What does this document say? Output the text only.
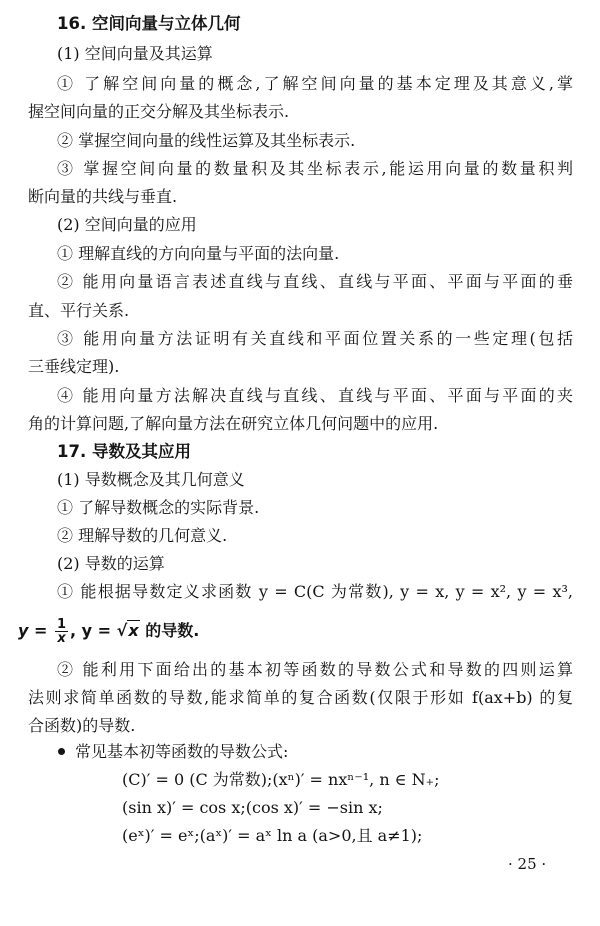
16. 空间向量与立体几何
(1) 空间向量及其运算
① 了解空间向量的概念,了解空间向量的基本定理及其意义,掌
握空间向量的正交分解及其坐标表示.
② 掌握空间向量的线性运算及其坐标表示.
③ 掌握空间向量的数量积及其坐标表示,能运用向量的数量积判
断向量的共线与垂直.
(2) 空间向量的应用
① 理解直线的方向向量与平面的法向量.
② 能用向量语言表述直线与直线、直线与平面、平面与平面的垂
直、平行关系.
③ 能用向量方法证明有关直线和平面位置关系的一些定理(包括
三垂线定理).
④ 能用向量方法解决直线与直线、直线与平面、平面与平面的夹
角的计算问题,了解向量方法在研究立体几何问题中的应用.
17. 导数及其应用
(1) 导数概念及其几何意义
① 了解导数概念的实际背景.
② 理解导数的几何意义.
(2) 导数的运算
① 能根据导数定义求函数 y = C(C 为常数), y = x, y = x², y = x³,
$y = \frac{1}{x}$ , y = √x 的导数.
② 能利用下面给出的基本初等函数的导数公式和导数的四则运算
法则求简单函数的导数,能求简单的复合函数(仅限于形如 f(ax+b) 的复
合函数)的导数.
常见基本初等函数的导数公式:
(C)′ = 0 (C 为常数);(xⁿ)′ = nxⁿ⁻¹, n ∈ N₊;
(sin x)′ = cos x;(cos x)′ = −sin x;
(eˣ)′ = eˣ;(aˣ)′ = aˣ ln a (a>0,且 a≠1);
· 25 ·
